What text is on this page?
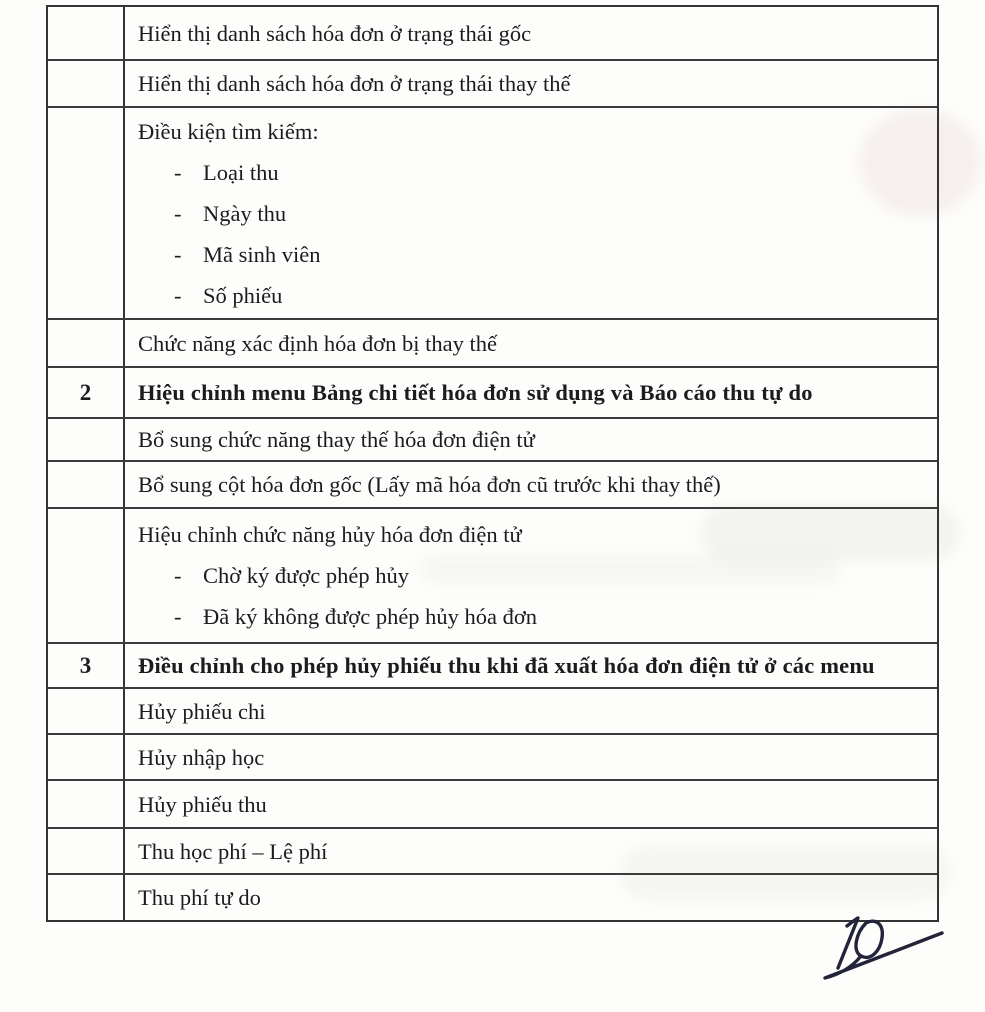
Hiển thị danh sách hóa đơn ở trạng thái gốc
Hiển thị danh sách hóa đơn ở trạng thái thay thế
Điều kiện tìm kiếm:
- Loại thu
- Ngày thu
- Mã sinh viên
- Số phiếu
Chức năng xác định hóa đơn bị thay thế
2	Hiệu chỉnh menu Bảng chi tiết hóa đơn sử dụng và Báo cáo thu tự do
Bổ sung chức năng thay thế hóa đơn điện tử
Bổ sung cột hóa đơn gốc (Lấy mã hóa đơn cũ trước khi thay thế)
Hiệu chỉnh chức năng hủy hóa đơn điện tử
- Chờ ký được phép hủy
- Đã ký không được phép hủy hóa đơn
3	Điều chỉnh cho phép hủy phiếu thu khi đã xuất hóa đơn điện tử ở các menu
Hủy phiếu chi
Hủy nhập học
Hủy phiếu thu
Thu học phí – Lệ phí
Thu phí tự do
